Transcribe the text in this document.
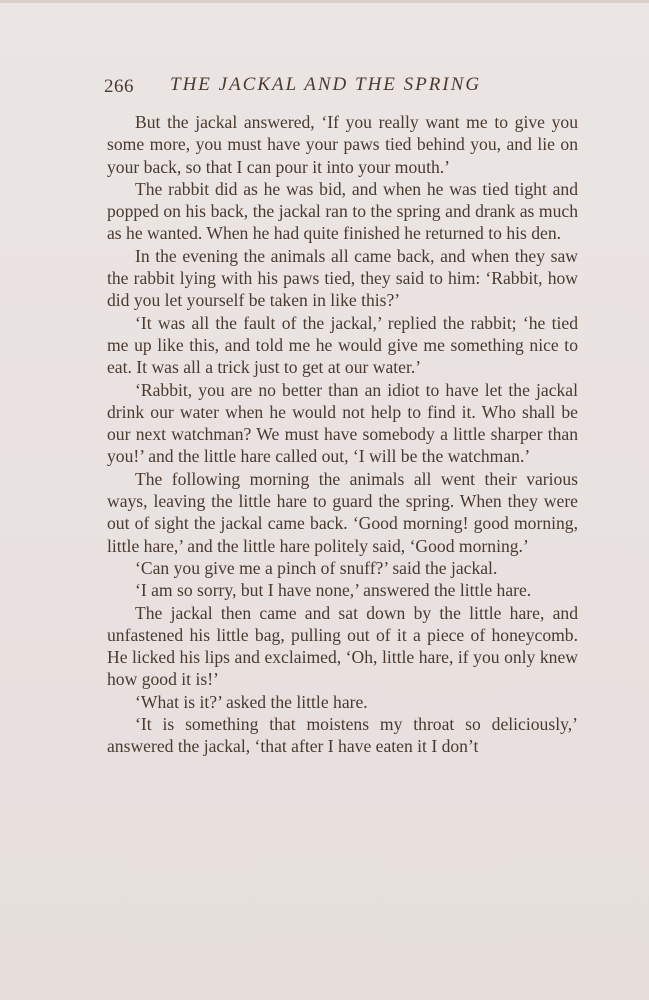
266 THE JACKAL AND THE SPRING

But the jackal answered, ‘If you really want me to give you some more, you must have your paws tied behind you, and lie on your back, so that I can pour it into your mouth.’

The rabbit did as he was bid, and when he was tied tight and popped on his back, the jackal ran to the spring and drank as much as he wanted. When he had quite finished he returned to his den.

In the evening the animals all came back, and when they saw the rabbit lying with his paws tied, they said to him: ‘Rabbit, how did you let yourself be taken in like this?’

‘It was all the fault of the jackal,’ replied the rabbit; ‘he tied me up like this, and told me he would give me something nice to eat. It was all a trick just to get at our water.’

‘Rabbit, you are no better than an idiot to have let the jackal drink our water when he would not help to find it. Who shall be our next watchman? We must have somebody a little sharper than you!’ and the little hare called out, ‘I will be the watchman.’

The following morning the animals all went their various ways, leaving the little hare to guard the spring. When they were out of sight the jackal came back. ‘Good morning! good morning, little hare,’ and the little hare politely said, ‘Good morning.’

‘Can you give me a pinch of snuff?’ said the jackal.

‘I am so sorry, but I have none,’ answered the little hare.

The jackal then came and sat down by the little hare, and unfastened his little bag, pulling out of it a piece of honeycomb. He licked his lips and exclaimed, ‘Oh, little hare, if you only knew how good it is!’

‘What is it?’ asked the little hare.

‘It is something that moistens my throat so deliciously,’ answered the jackal, ‘that after I have eaten it I don’t
